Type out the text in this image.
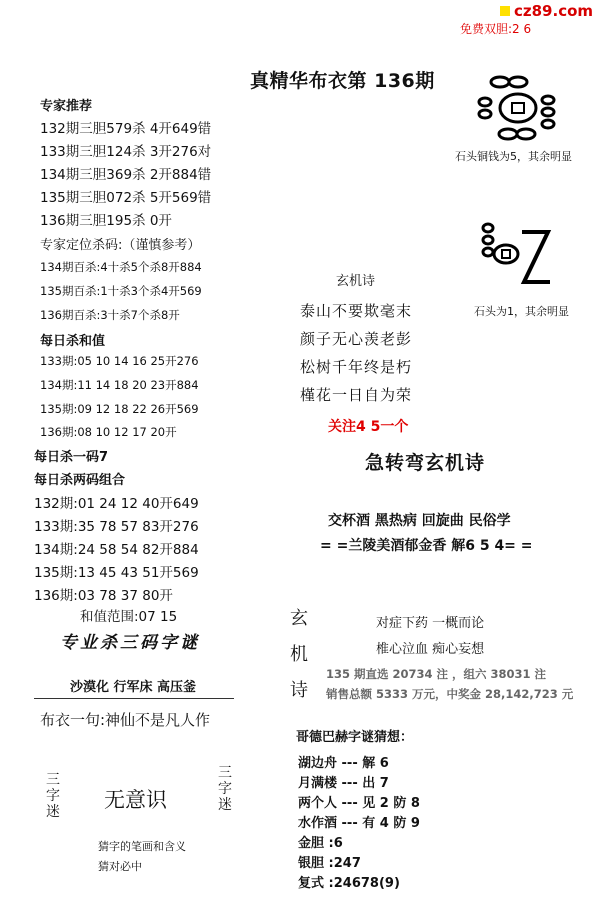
cz89.com
免费双胆:2 6
真精华布衣第 136期
专家推荐
132期三胆579杀 4开649错
133期三胆124杀 3开276对
134期三胆369杀 2开884错
135期三胆072杀 5开569错
136期三胆195杀 0开
专家定位杀码:（谨慎参考）
134期百杀:4十杀5个杀8开884
135期百杀:1十杀3个杀4开569
136期百杀:3十杀7个杀8开
每日杀和值
133期:05 10 14 16 25开276
134期:11 14 18 20 23开884
135期:09 12 18 22 26开569
136期:08 10 12 17 20开
每日杀一码7
每日杀两码组合
132期:01 24 12 40开649
133期:35 78 57 83开276
134期:24 58 54 82开884
135期:13 45 43 51开569
136期:03 78 37 80开
和值范围:07 15
专业杀三码字谜
沙漠化 行军床 高压釜
布衣一句:神仙不是凡人作
三字迷
三字迷
无意识
猜字的笔画和含义
猜对必中
石头铜钱为5，其余明显
石头为1，其余明显
玄机诗
泰山不要欺毫末
颜子无心羡老彭
松树千年终是朽
槿花一日自为荣
关注4 5一个
急转弯玄机诗
交杯酒 黑热病 回旋曲 民俗学
= =兰陵美酒郁金香 解6 5 4= =
玄
机
诗
对症下药 一概而论
椎心泣血 痴心妄想
135 期直选 20734 注 ，组六 38031 注
销售总额 5333 万元，中奖金 28,142,723 元
哥德巴赫字谜猜想：
湖边舟 --- 解 6
月满楼 --- 出 7
两个人 --- 见 2 防 8
水作酒 --- 有 4 防 9
金胆 :6
银胆 :247
复式 :24678(9)
